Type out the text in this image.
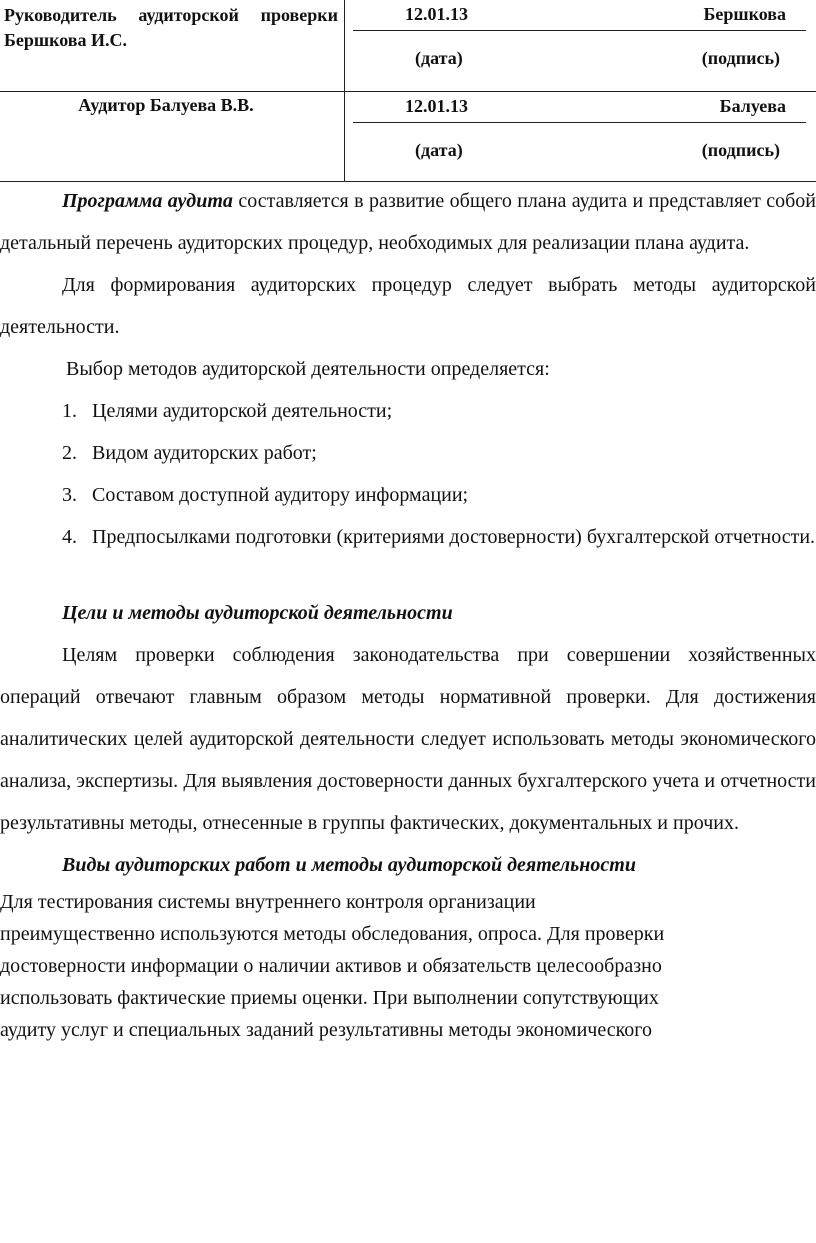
Руководитель аудиторской проверки Бершкова И.С.	12.01.13 Бершкова
(дата) (подпись)

Аудитор Балуева В.В.	12.01.13 Балуева
(дата) (подпись)

Программа аудита составляется в развитие общего плана аудита и представляет собой детальный перечень аудиторских процедур, необходимых для реализации плана аудита.

Для формирования аудиторских процедур следует выбрать методы аудиторской деятельности.

Выбор методов аудиторской деятельности определяется:

1. Целями аудиторской деятельности;
2. Видом аудиторских работ;
3. Составом доступной аудитору информации;
4. Предпосылками подготовки (критериями достоверности) бухгалтерской отчетности.

Цели и методы аудиторской деятельности

Целям проверки соблюдения законодательства при совершении хозяйственных операций отвечают главным образом методы нормативной проверки. Для достижения аналитических целей аудиторской деятельности следует использовать методы экономического анализа, экспертизы. Для выявления достоверности данных бухгалтерского учета и отчетности результативны методы, отнесенные в группы фактических, документальных и прочих.

Виды аудиторских работ и методы аудиторской деятельности

Для тестирования системы внутреннего контроля организации

преимущественно используются методы обследования, опроса. Для проверки

достоверности информации о наличии активов и обязательств целесообразно

использовать фактические приемы оценки. При выполнении сопутствующих

аудиту услуг и специальных заданий результативны методы экономического
